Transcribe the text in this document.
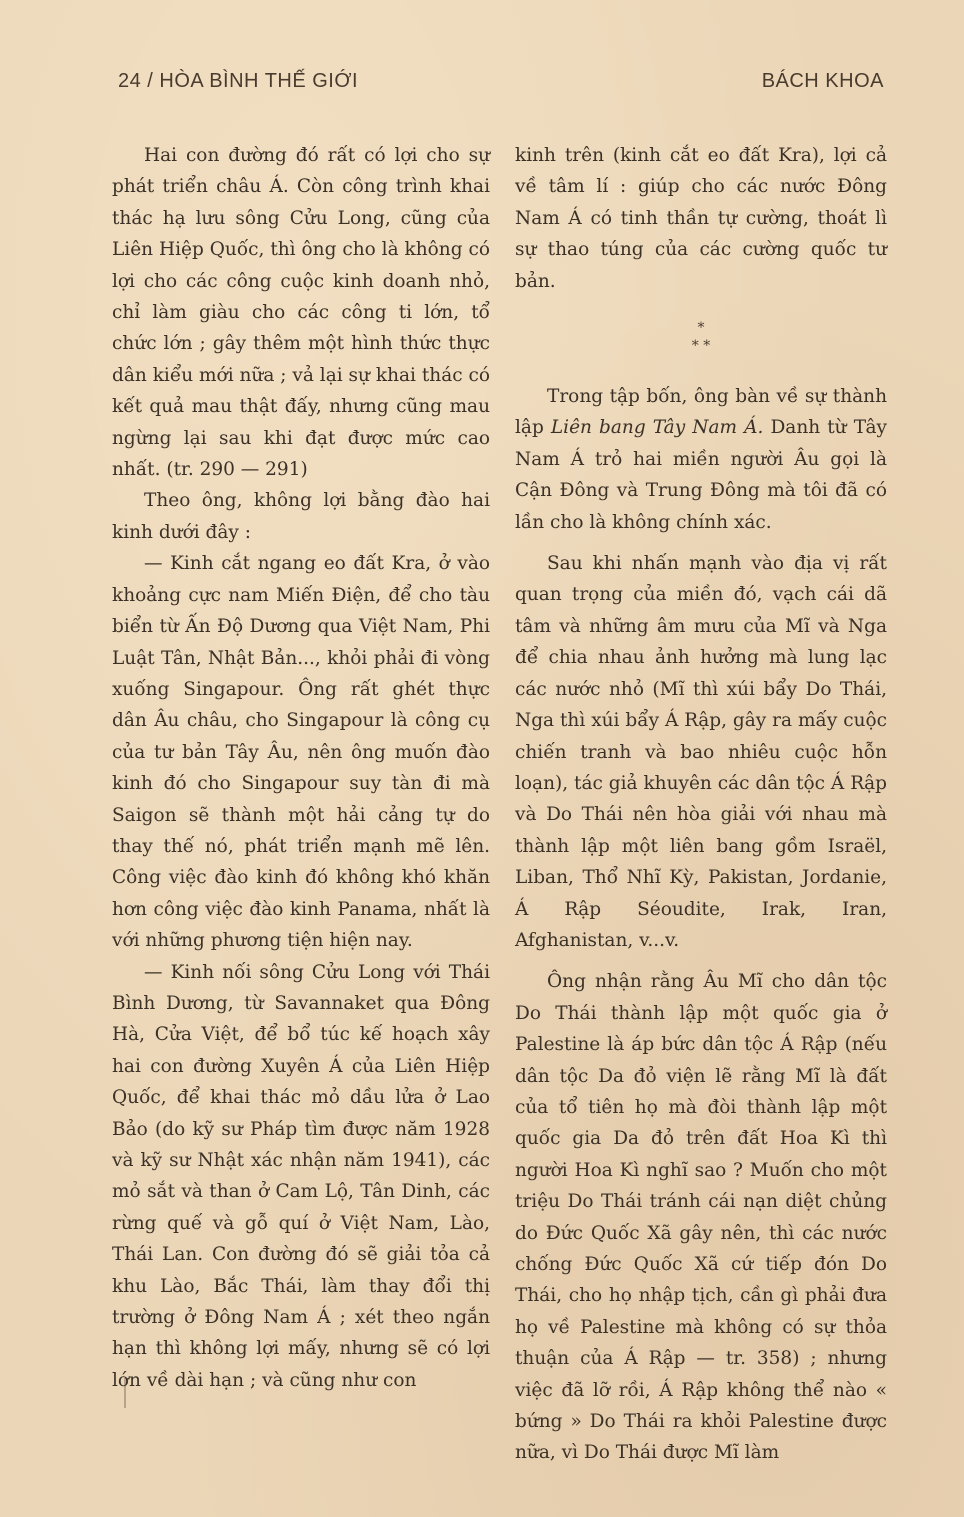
24 / HÒA BÌNH THẾ GIỚI	BÁCH KHOA

Hai con đường đó rất có lợi cho sự phát triển châu Á. Còn công trình khai thác hạ lưu sông Cửu Long, cũng của Liên Hiệp Quốc, thì ông cho là không có lợi cho các công cuộc kinh doanh nhỏ, chỉ làm giàu cho các công ti lớn, tổ chức lớn ; gây thêm một hình thức thực dân kiểu mới nữa ; vả lại sự khai thác có kết quả mau thật đấy, nhưng cũng mau ngừng lại sau khi đạt được mức cao nhất. (tr. 290 — 291)

Theo ông, không lợi bằng đào hai kinh dưới đây :

— Kinh cắt ngang eo đất Kra, ở vào khoảng cực nam Miến Điện, để cho tàu biển từ Ấn Độ Dương qua Việt Nam, Phi Luật Tân, Nhật Bản..., khỏi phải đi vòng xuống Singapour. Ông rất ghét thực dân Âu châu, cho Singapour là công cụ của tư bản Tây Âu, nên ông muốn đào kinh đó cho Singapour suy tàn đi mà Saigon sẽ thành một hải cảng tự do thay thế nó, phát triển mạnh mẽ lên. Công việc đào kinh đó không khó khăn hơn công việc đào kinh Panama, nhất là với những phương tiện hiện nay.

— Kinh nối sông Cửu Long với Thái Bình Dương, từ Savannaket qua Đông Hà, Cửa Việt, để bổ túc kế hoạch xây hai con đường Xuyên Á của Liên Hiệp Quốc, để khai thác mỏ dầu lửa ở Lao Bảo (do kỹ sư Pháp tìm được năm 1928 và kỹ sư Nhật xác nhận năm 1941), các mỏ sắt và than ở Cam Lộ, Tân Dinh, các rừng quế và gỗ quí ở Việt Nam, Lào, Thái Lan. Con đường đó sẽ giải tỏa cả khu Lào, Bắc Thái, làm thay đổi thị trường ở Đông Nam Á ; xét theo ngắn hạn thì không lợi mấy, nhưng sẽ có lợi lớn về dài hạn ; và cũng như con

kinh trên (kinh cắt eo đất Kra), lợi cả về tâm lí : giúp cho các nước Đông Nam Á có tinh thần tự cường, thoát lì sự thao túng của các cường quốc tư bản.

*
* *

Trong tập bốn, ông bàn về sự thành lập Liên bang Tây Nam Á. Danh từ Tây Nam Á trỏ hai miền người Âu gọi là Cận Đông và Trung Đông mà tôi đã có lần cho là không chính xác.

Sau khi nhấn mạnh vào địa vị rất quan trọng của miền đó, vạch cái dã tâm và những âm mưu của Mĩ và Nga để chia nhau ảnh hưởng mà lung lạc các nước nhỏ (Mĩ thì xúi bẩy Do Thái, Nga thì xúi bẩy Á Rập, gây ra mấy cuộc chiến tranh và bao nhiêu cuộc hỗn loạn), tác giả khuyên các dân tộc Á Rập và Do Thái nên hòa giải với nhau mà thành lập một liên bang gồm Israël, Liban, Thổ Nhĩ Kỳ, Pakistan, Jordanie, Á Rập Séoudite, Irak, Iran, Afghanistan, v...v.

Ông nhận rằng Âu Mĩ cho dân tộc Do Thái thành lập một quốc gia ở Palestine là áp bức dân tộc Á Rập (nếu dân tộc Da đỏ viện lẽ rằng Mĩ là đất của tổ tiên họ mà đòi thành lập một quốc gia Da đỏ trên đất Hoa Kì thì người Hoa Kì nghĩ sao ? Muốn cho một triệu Do Thái tránh cái nạn diệt chủng do Đức Quốc Xã gây nên, thì các nước chống Đức Quốc Xã cứ tiếp đón Do Thái, cho họ nhập tịch, cần gì phải đưa họ về Palestine mà không có sự thỏa thuận của Á Rập — tr. 358) ; nhưng việc đã lỡ rồi, Á Rập không thể nào « bứng » Do Thái ra khỏi Palestine được nữa, vì Do Thái được Mĩ làm
